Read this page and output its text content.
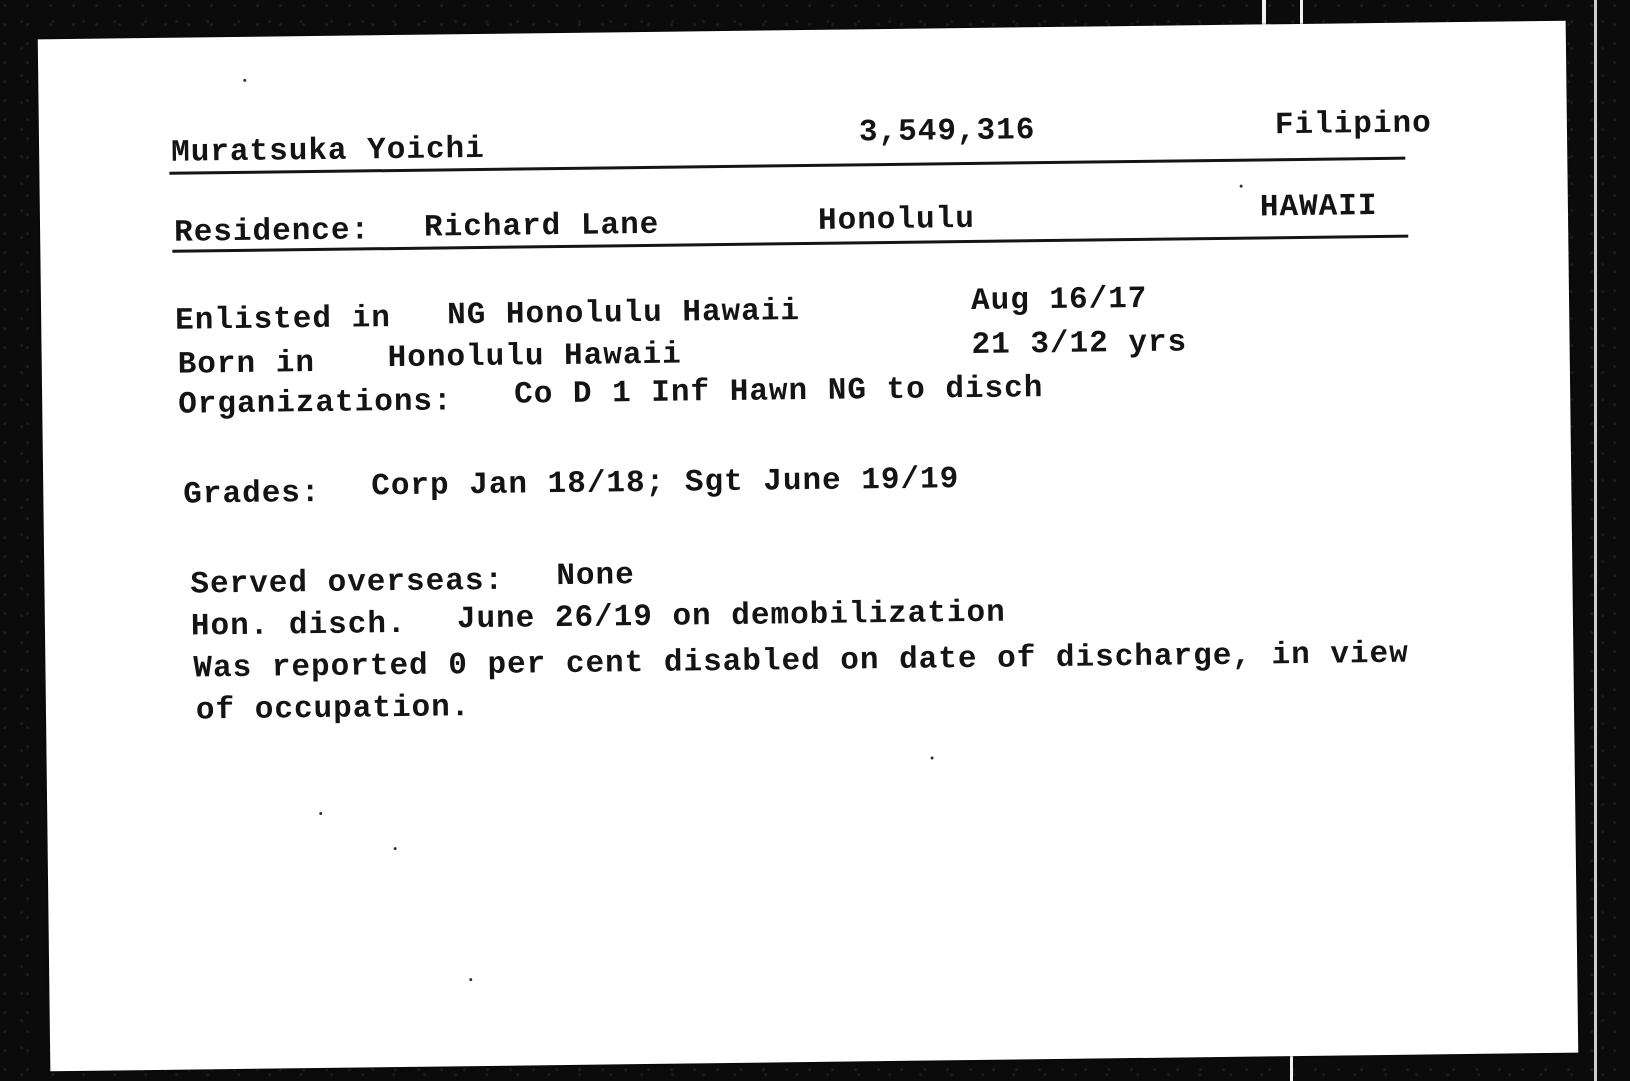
Muratsuka Yoichi
3,549,316	Filipino
Residence: Richard Lane	Honolulu	HAWAII
Enlisted in NG Honolulu Hawaii	Aug 16/17
Born in Honolulu Hawaii	21 3/12 yrs
Organizations: Co D 1 Inf Hawn NG to disch
Grades: Corp Jan 18/18; Sgt June 19/19
Served overseas: None
Hon. disch. June 26/19 on demobilization
Was reported 0 per cent disabled on date of discharge, in view
of occupation.
